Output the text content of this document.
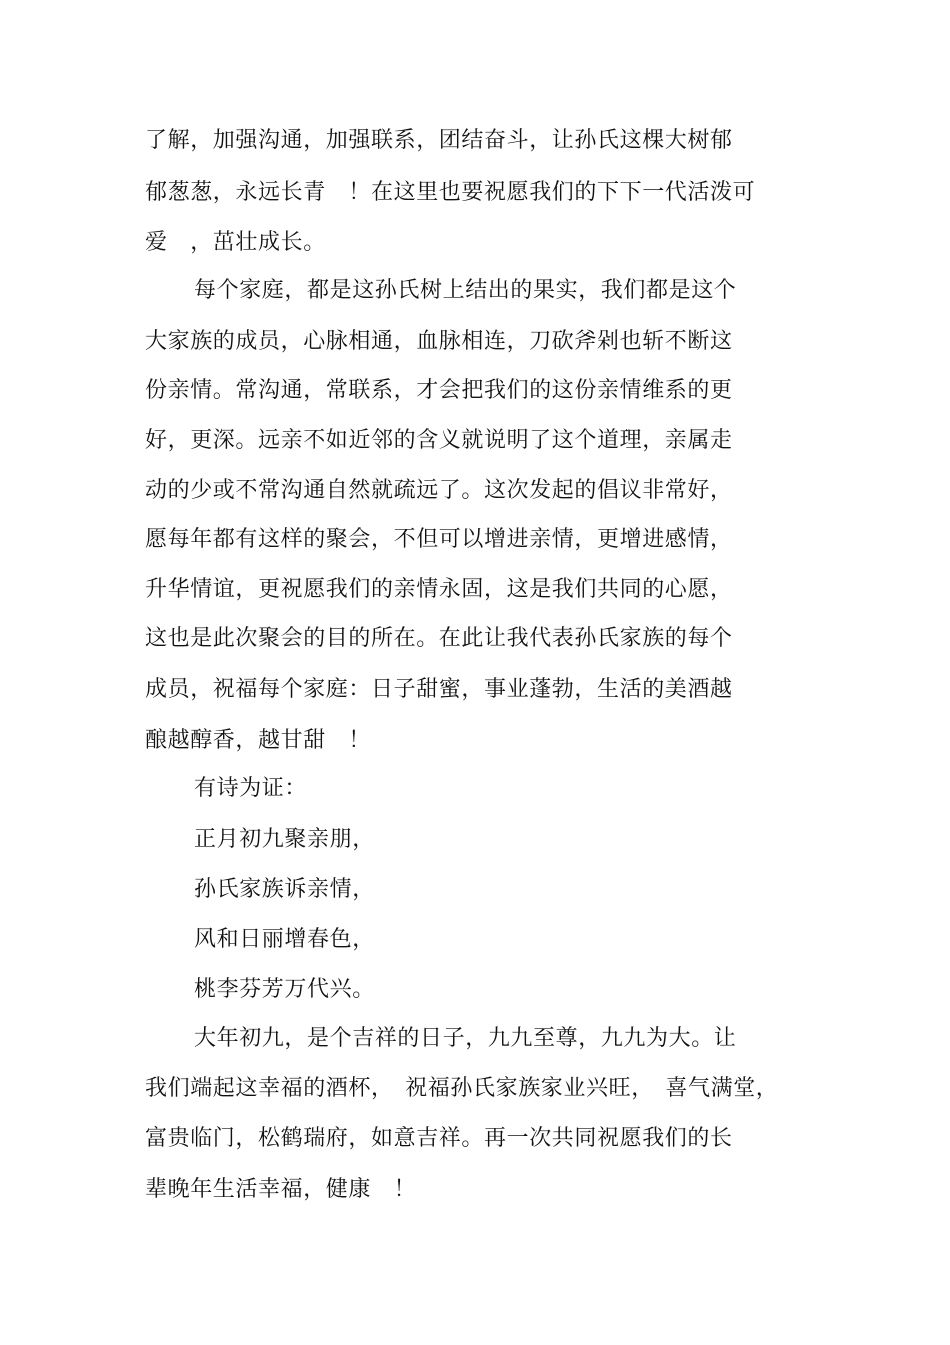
了解，加强沟通，加强联系，团结奋斗，让孙氏这棵大树郁
郁葱葱，永远长青　！在这里也要祝愿我们的下下一代活泼可
爱　，茁壮成长。
每个家庭，都是这孙氏树上结出的果实，我们都是这个
大家族的成员，心脉相通，血脉相连，刀砍斧剁也斩不断这
份亲情。常沟通，常联系，才会把我们的这份亲情维系的更
好，更深。远亲不如近邻的含义就说明了这个道理，亲属走
动的少或不常沟通自然就疏远了。这次发起的倡议非常好，
愿每年都有这样的聚会，不但可以增进亲情，更增进感情，
升华情谊，更祝愿我们的亲情永固，这是我们共同的心愿，
这也是此次聚会的目的所在。在此让我代表孙氏家族的每个
成员，祝福每个家庭：日子甜蜜，事业蓬勃，生活的美酒越
酿越醇香，越甘甜　！
有诗为证：
正月初九聚亲朋，
孙氏家族诉亲情，
风和日丽增春色，
桃李芬芳万代兴。
大年初九，是个吉祥的日子，九九至尊，九九为大。让
我们端起这幸福的酒杯，　祝福孙氏家族家业兴旺，　喜气满堂，
富贵临门，松鹤瑞府，如意吉祥。再一次共同祝愿我们的长
辈晚年生活幸福，健康　！
